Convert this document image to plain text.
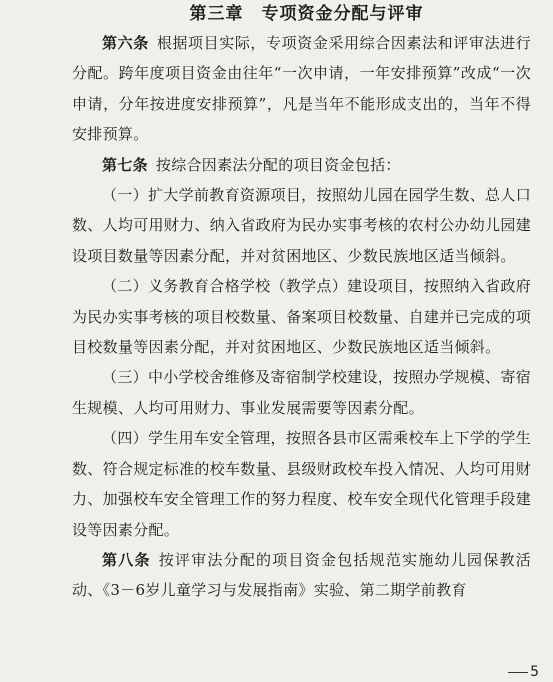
第三章　专项资金分配与评审

第六条 根据项目实际，专项资金采用综合因素法和评审法进行分配。跨年度项目资金由往年“一次申请，一年安排预算”改成“一次申请，分年按进度安排预算”，凡是当年不能形成支出的，当年不得安排预算。

第七条 按综合因素法分配的项目资金包括：

（一）扩大学前教育资源项目，按照幼儿园在园学生数、总人口数、人均可用财力、纳入省政府为民办实事考核的农村公办幼儿园建设项目数量等因素分配，并对贫困地区、少数民族地区适当倾斜。

（二）义务教育合格学校（教学点）建设项目，按照纳入省政府为民办实事考核的项目校数量、备案项目校数量、自建并已完成的项目校数量等因素分配，并对贫困地区、少数民族地区适当倾斜。

（三）中小学校舍维修及寄宿制学校建设，按照办学规模、寄宿生规模、人均可用财力、事业发展需要等因素分配。

（四）学生用车安全管理，按照各县市区需乘校车上下学的学生数、符合规定标准的校车数量、县级财政校车投入情况、人均可用财力、加强校车安全管理工作的努力程度、校车安全现代化管理手段建设等因素分配。

第八条 按评审法分配的项目资金包括规范实施幼儿园保教活动、《3－6岁儿童学习与发展指南》实验、第二期学前教育

5
